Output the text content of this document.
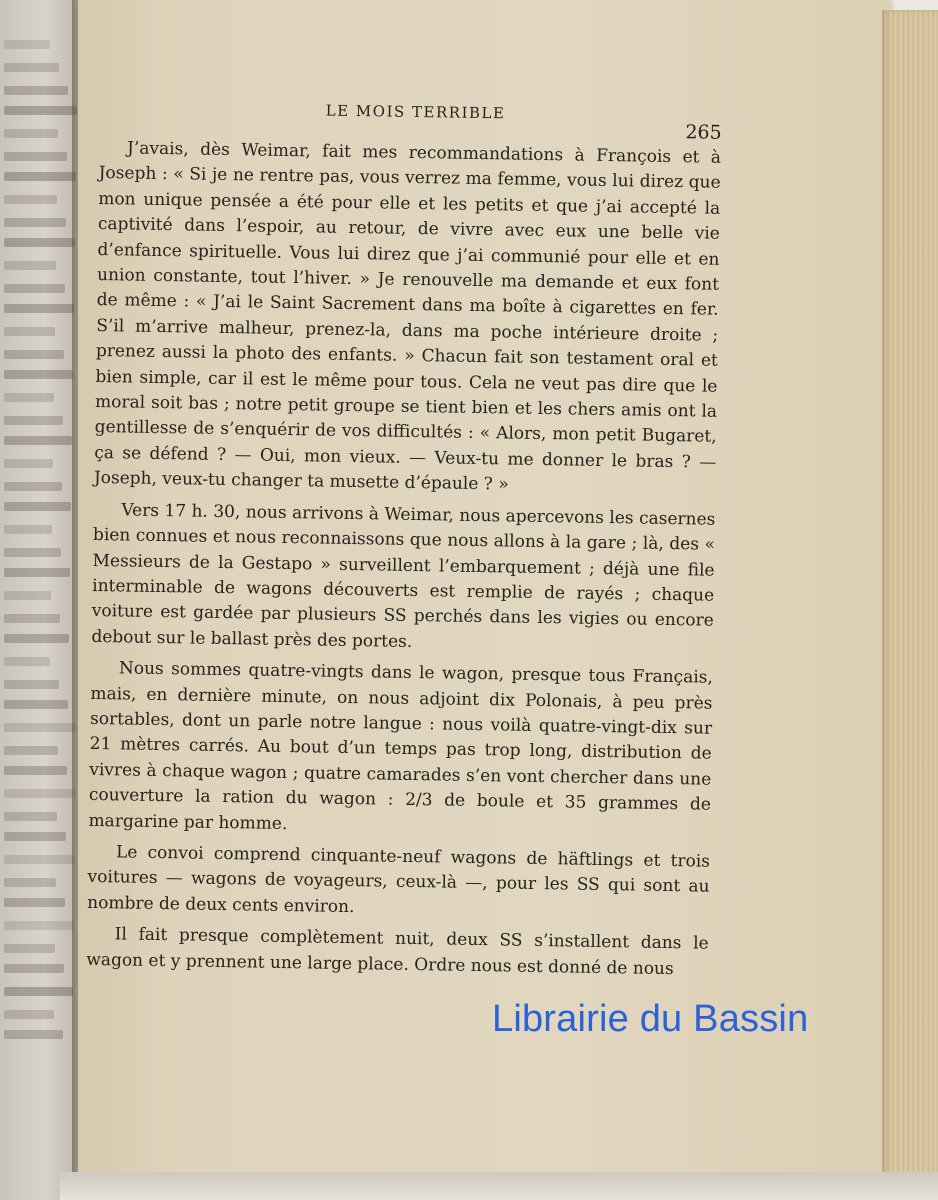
LE MOIS TERRIBLE
265

J’avais, dès Weimar, fait mes recommandations à François et à Joseph : « Si je ne rentre pas, vous verrez ma femme, vous lui direz que mon unique pensée a été pour elle et les petits et que j’ai accepté la captivité dans l’espoir, au retour, de vivre avec eux une belle vie d’enfance spirituelle. Vous lui direz que j’ai communié pour elle et en union constante, tout l’hiver. » Je renouvelle ma demande et eux font de même : « J’ai le Saint Sacrement dans ma boîte à cigarettes en fer. S’il m’arrive malheur, prenez-la, dans ma poche intérieure droite ; prenez aussi la photo des enfants. » Chacun fait son testament oral et bien simple, car il est le même pour tous. Cela ne veut pas dire que le moral soit bas ; notre petit groupe se tient bien et les chers amis ont la gentillesse de s’enquérir de vos difficultés : « Alors, mon petit Bugaret, ça se défend ? — Oui, mon vieux. — Veux-tu me donner le bras ? — Joseph, veux-tu changer ta musette d’épaule ? »

Vers 17 h. 30, nous arrivons à Weimar, nous apercevons les casernes bien connues et nous reconnaissons que nous allons à la gare ; là, des « Messieurs de la Gestapo » surveillent l’embarquement ; déjà une file interminable de wagons découverts est remplie de rayés ; chaque voiture est gardée par plusieurs SS perchés dans les vigies ou encore debout sur le ballast près des portes.

Nous sommes quatre-vingts dans le wagon, presque tous Français, mais, en dernière minute, on nous adjoint dix Polonais, à peu près sortables, dont un parle notre langue : nous voilà quatre-vingt-dix sur 21 mètres carrés. Au bout d’un temps pas trop long, distribution de vivres à chaque wagon ; quatre camarades s’en vont chercher dans une couverture la ration du wagon : 2/3 de boule et 35 grammes de margarine par homme.

Le convoi comprend cinquante-neuf wagons de häftlings et trois voitures — wagons de voyageurs, ceux-là —, pour les SS qui sont au nombre de deux cents environ.

Il fait presque complètement nuit, deux SS s’installent dans le wagon et y prennent une large place. Ordre nous est donné de nous

Librairie du Bassin
